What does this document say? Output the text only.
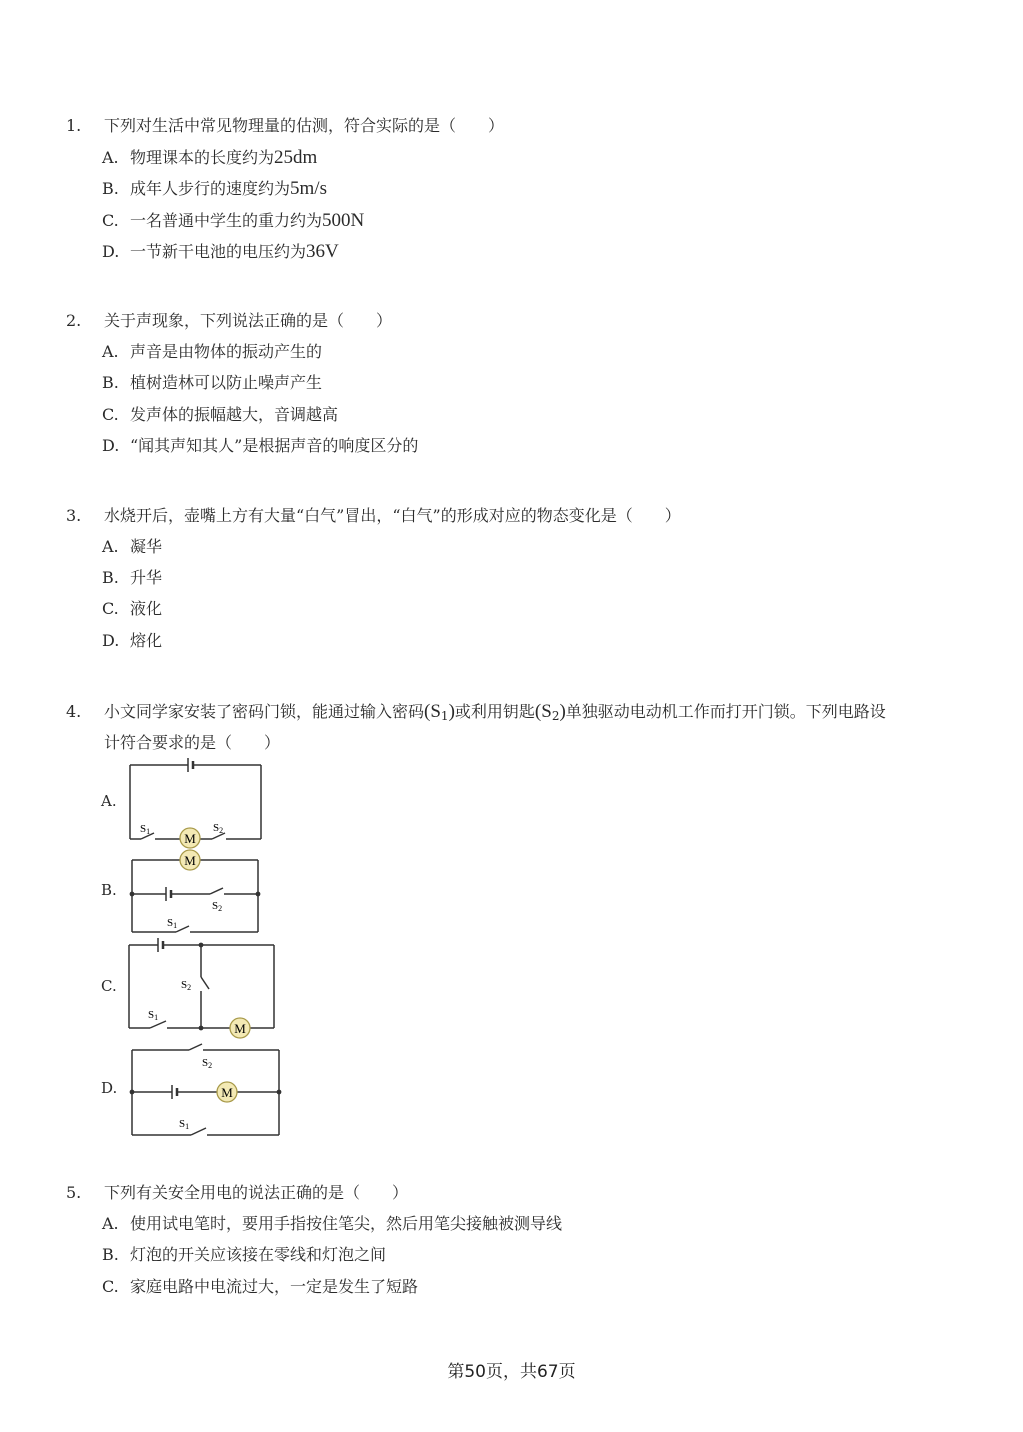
1.	下列对生活中常见物理量的估测，符合实际的是（　　）
A. 物理课本的长度约为25dm
B. 成年人步行的速度约为5m/s
C. 一名普通中学生的重力约为500N
D. 一节新干电池的电压约为36V
2.	关于声现象，下列说法正确的是（　　）
A. 声音是由物体的振动产生的
B. 植树造林可以防止噪声产生
C. 发声体的振幅越大，音调越高
D. “闻其声知其人”是根据声音的响度区分的
3.	水烧开后，壶嘴上方有大量“白气”冒出，“白气”的形成对应的物态变化是（　　）
A. 凝华
B. 升华
C. 液化
D. 熔化
4.	小文同学家安装了密码门锁，能通过输入密码$(S_1)$或利用钥匙$(S_2)$单独驱动电动机工作而打开门锁。下列电路设
计符合要求的是（　　）
A.
B.
C.
D.
M
S1	S2
M
S2
S1
M
S2
S1
M
S2
S1
5.	下列有关安全用电的说法正确的是（　　）
A. 使用试电笔时，要用手指按住笔尖，然后用笔尖接触被测导线
B. 灯泡的开关应该接在零线和灯泡之间
C. 家庭电路中电流过大，一定是发生了短路
第50页，共67页
